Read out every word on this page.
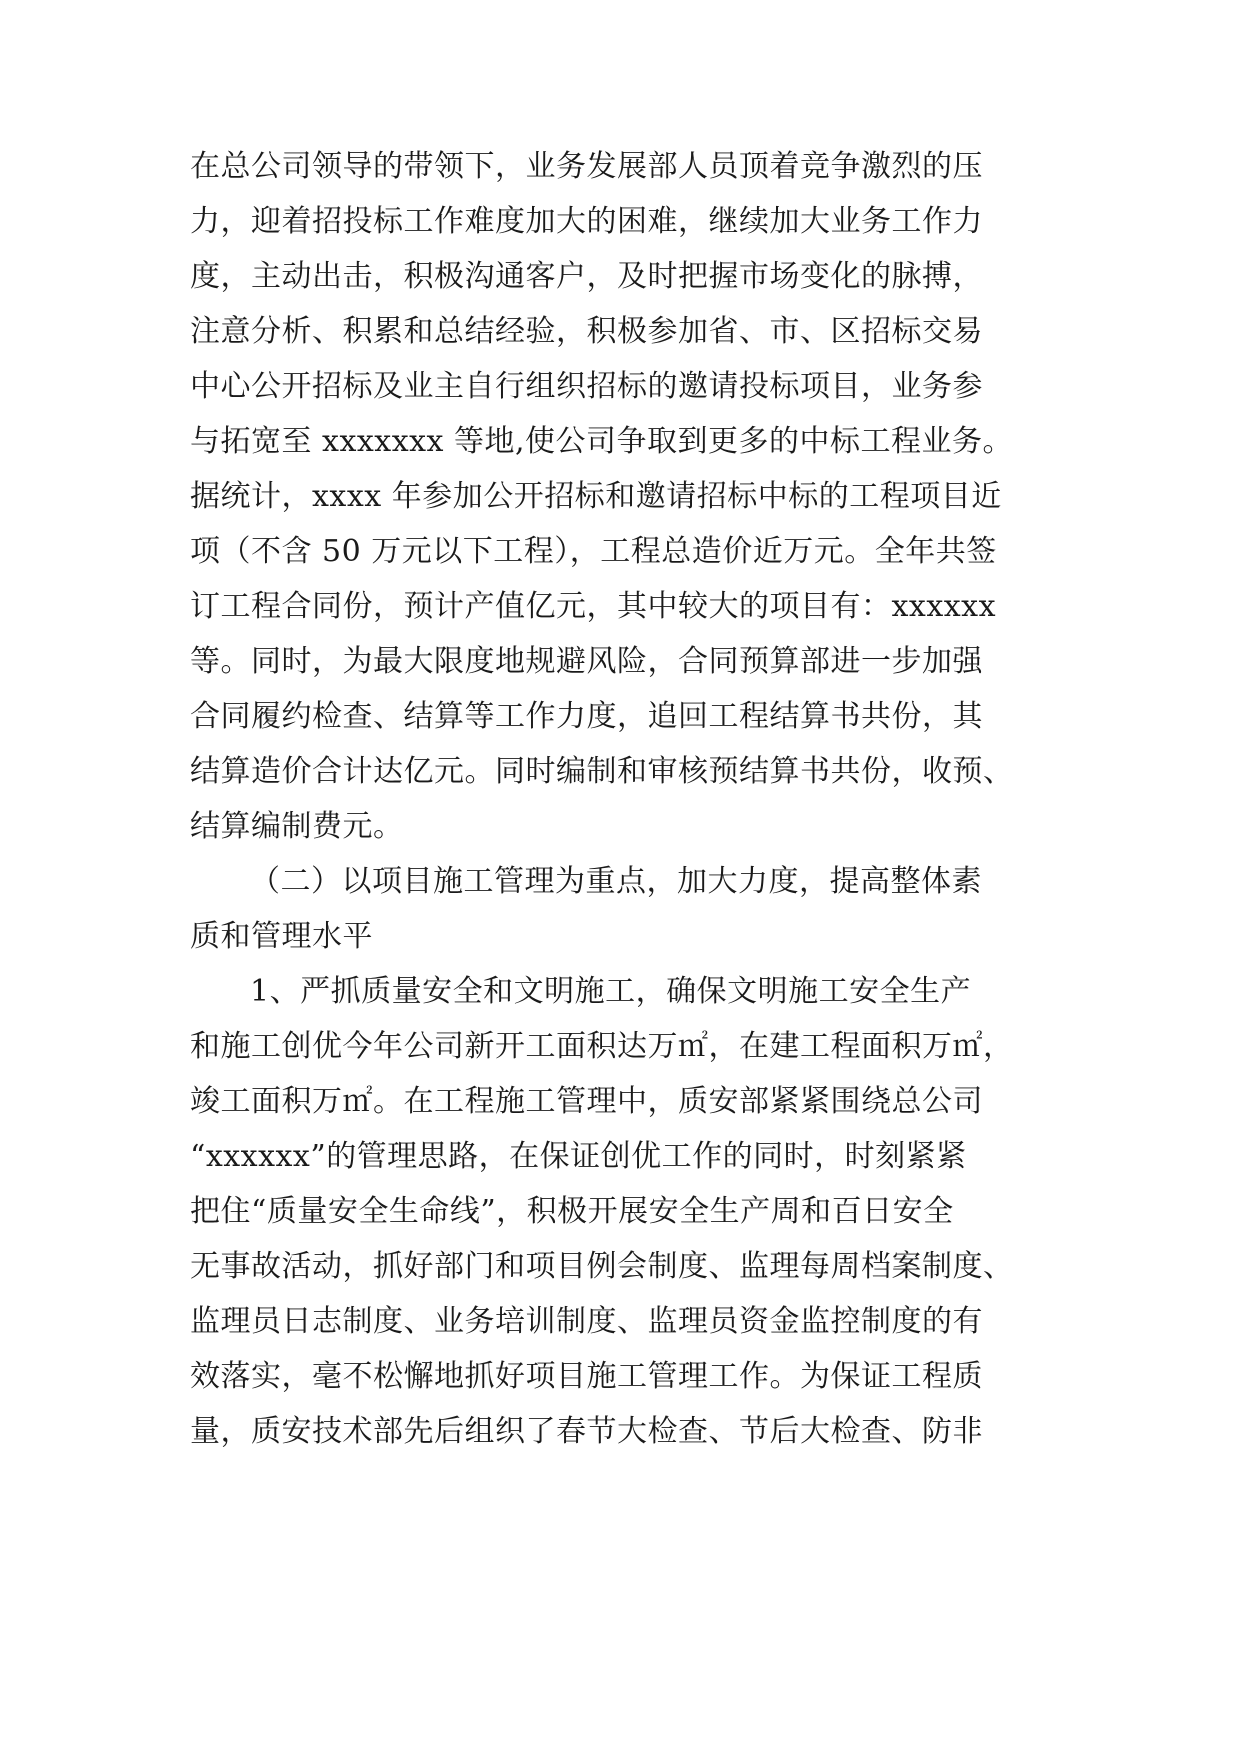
在总公司领导的带领下，业务发展部人员顶着竞争激烈的压
力，迎着招投标工作难度加大的困难，继续加大业务工作力
度，主动出击，积极沟通客户，及时把握市场变化的脉搏，
注意分析、积累和总结经验，积极参加省、市、区招标交易
中心公开招标及业主自行组织招标的邀请投标项目，业务参
与拓宽至 xxxxxxx 等地,使公司争取到更多的中标工程业务。
据统计，xxxx 年参加公开招标和邀请招标中标的工程项目近
项（不含 50 万元以下工程），工程总造价近万元。全年共签
订工程合同份，预计产值亿元，其中较大的项目有：xxxxxx
等。同时，为最大限度地规避风险，合同预算部进一步加强
合同履约检查、结算等工作力度，追回工程结算书共份，其
结算造价合计达亿元。同时编制和审核预结算书共份，收预、
结算编制费元。
（二）以项目施工管理为重点，加大力度，提高整体素
质和管理水平
1、严抓质量安全和文明施工，确保文明施工安全生产
和施工创优今年公司新开工面积达万㎡，在建工程面积万㎡，
竣工面积万㎡。在工程施工管理中，质安部紧紧围绕总公司
“xxxxxx”的管理思路，在保证创优工作的同时，时刻紧紧
把住“质量安全生命线”，积极开展安全生产周和百日安全
无事故活动，抓好部门和项目例会制度、监理每周档案制度、
监理员日志制度、业务培训制度、监理员资金监控制度的有
效落实，毫不松懈地抓好项目施工管理工作。为保证工程质
量，质安技术部先后组织了春节大检查、节后大检查、防非
